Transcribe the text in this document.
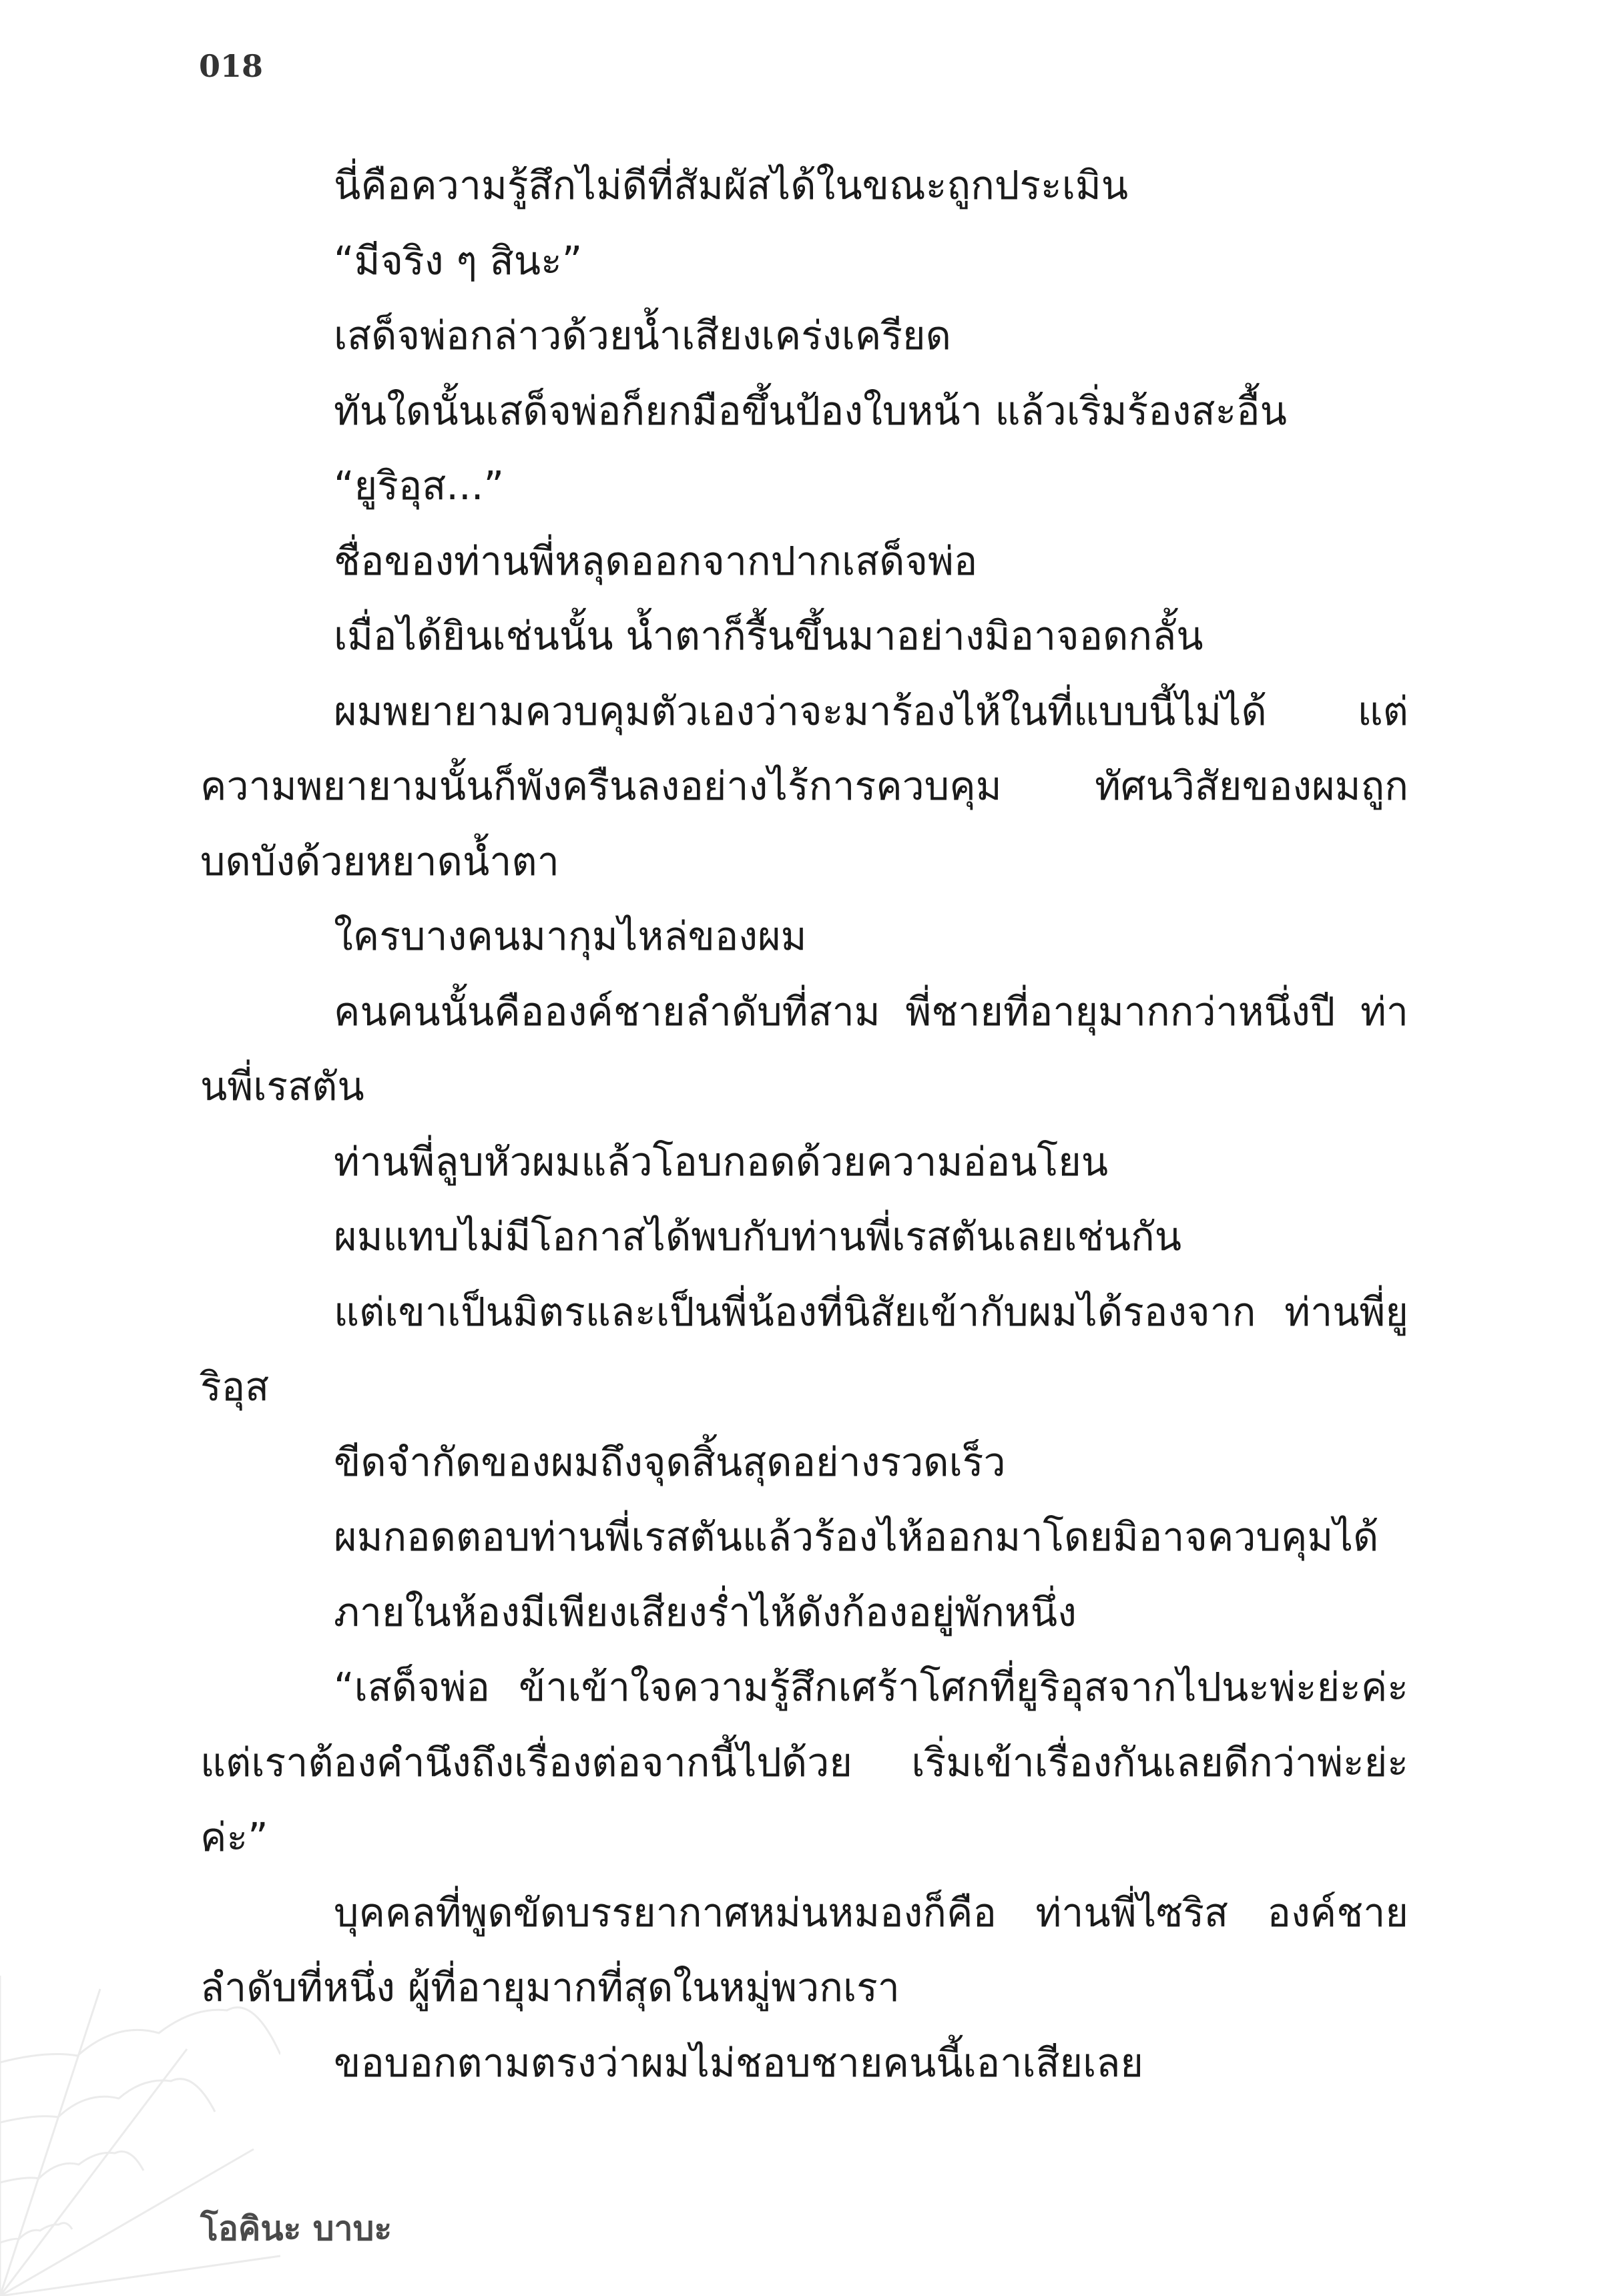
018

นี่คือความรู้สึกไม่ดีที่สัมผัสได้ในขณะถูกประเมิน

“มีจริง ๆ สินะ”

เสด็จพ่อกล่าวด้วยน้ำเสียงเคร่งเครียด

ทันใดนั้นเสด็จพ่อก็ยกมือขึ้นป้องใบหน้า แล้วเริ่มร้องสะอื้น

“ยูริอุส...”

ชื่อของท่านพี่หลุดออกจากปากเสด็จพ่อ

เมื่อได้ยินเช่นนั้น น้ำตาก็รื้นขึ้นมาอย่างมิอาจอดกลั้น

ผมพยายามควบคุมตัวเองว่าจะมาร้องไห้ในที่แบบนี้ไม่ได้ แต่ความพยายามนั้นก็พังครืนลงอย่างไร้การควบคุม ทัศนวิสัยของผมถูกบดบังด้วยหยาดน้ำตา

ใครบางคนมากุมไหล่ของผม

คนคนนั้นคือองค์ชายลำดับที่สาม พี่ชายที่อายุมากกว่าหนึ่งปี ท่านพี่เรสตัน

ท่านพี่ลูบหัวผมแล้วโอบกอดด้วยความอ่อนโยน

ผมแทบไม่มีโอกาสได้พบกับท่านพี่เรสตันเลยเช่นกัน

แต่เขาเป็นมิตรและเป็นพี่น้องที่นิสัยเข้ากับผมได้รองจาก ท่านพี่ยูริอุส

ขีดจำกัดของผมถึงจุดสิ้นสุดอย่างรวดเร็ว

ผมกอดตอบท่านพี่เรสตันแล้วร้องไห้ออกมาโดยมิอาจควบคุมได้

ภายในห้องมีเพียงเสียงร่ำไห้ดังก้องอยู่พักหนึ่ง

“เสด็จพ่อ ข้าเข้าใจความรู้สึกเศร้าโศกที่ยูริอุสจากไปนะพ่ะย่ะค่ะ แต่เราต้องคำนึงถึงเรื่องต่อจากนี้ไปด้วย เริ่มเข้าเรื่องกันเลยดีกว่าพ่ะย่ะค่ะ”

บุคคลที่พูดขัดบรรยากาศหม่นหมองก็คือ ท่านพี่ไซริส องค์ชายลำดับที่หนึ่ง ผู้ที่อายุมากที่สุดในหมู่พวกเรา

ขอบอกตามตรงว่าผมไม่ชอบชายคนนี้เอาเสียเลย

โอคินะ บาบะ
